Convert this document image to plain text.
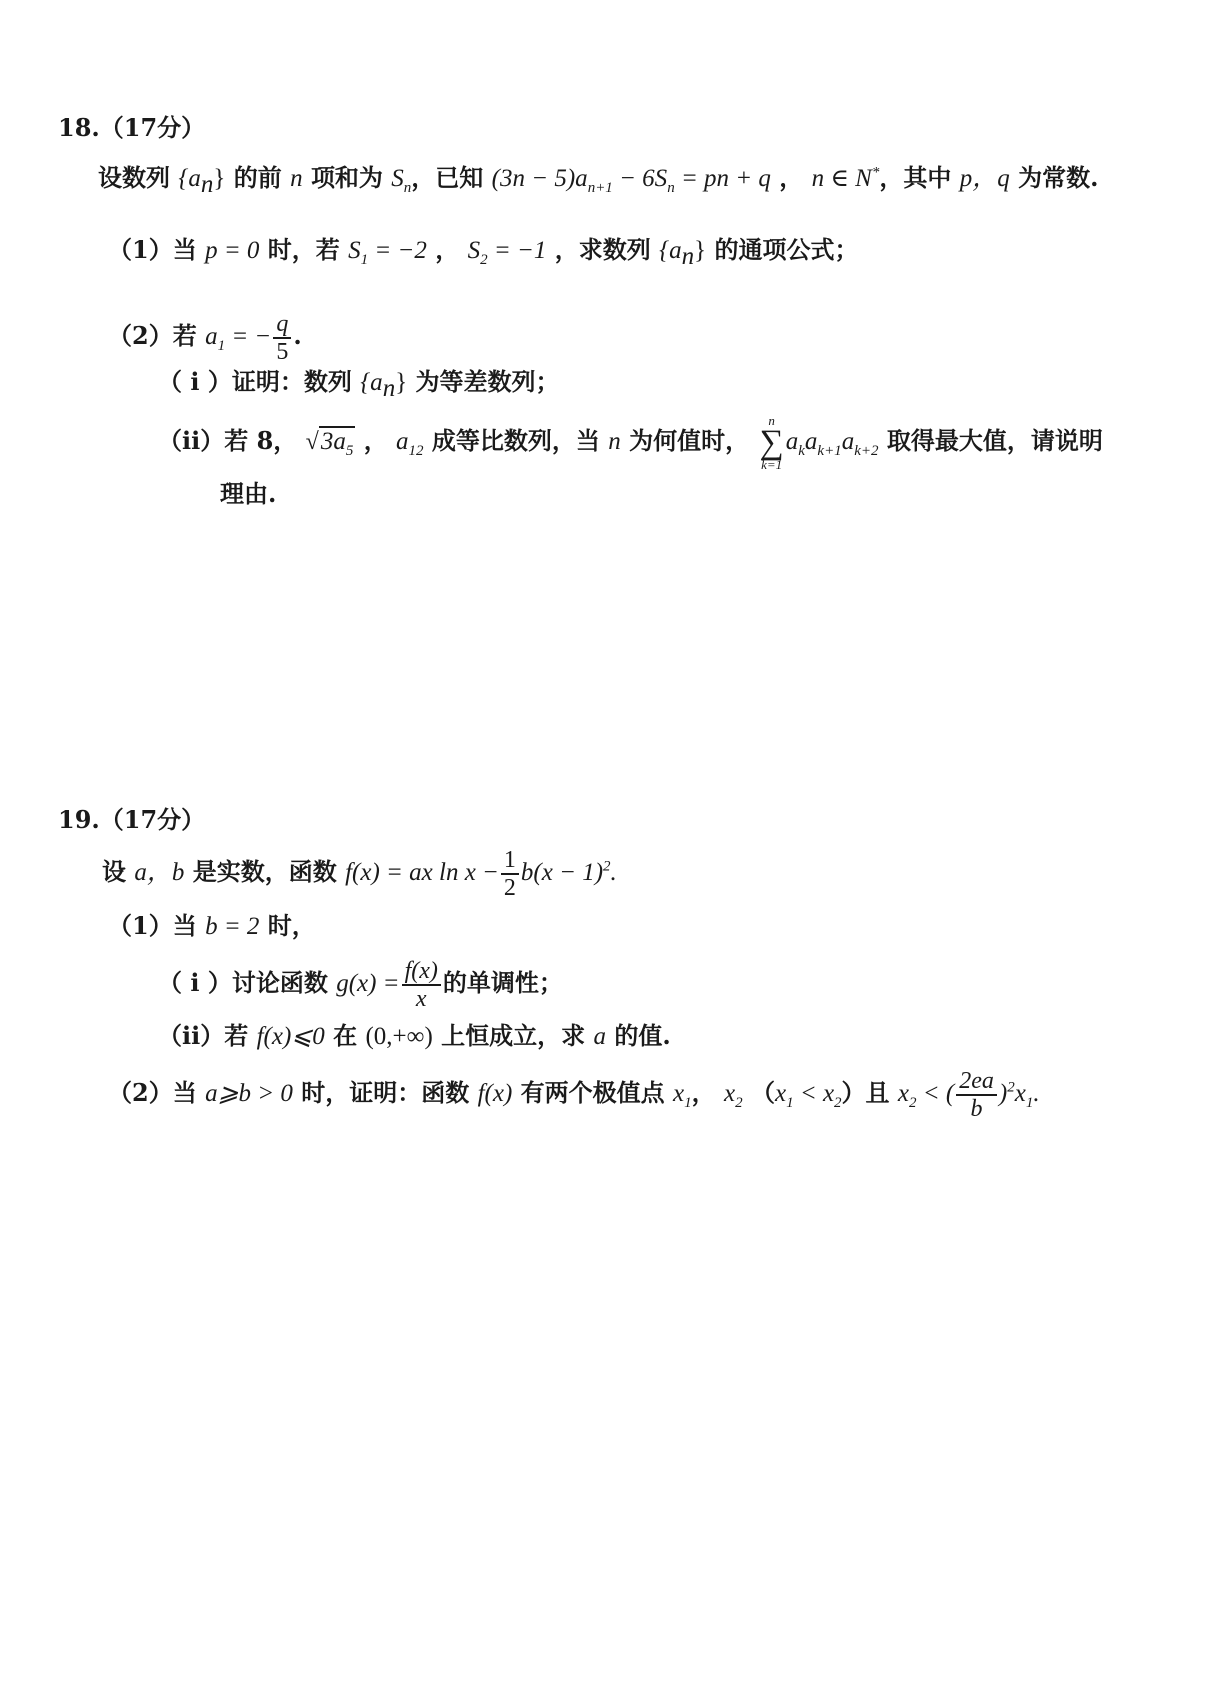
18.（17分）
设数列 $\{a_n\}$ 的前 n 项和为 $S_n$，已知 $(3n - 5)a_{n+1} - 6S_n$ = pn + q ， n ∈ N*，其中 p，q 为常数.
（1）当 p = 0 时，若 $S_1 = -2$ ， $S_2 = -1$ ，求数列 $\{a_n\}$ 的通项公式；
（2）若 $a_1$ = − $\frac{q}{5}$ .
（ i ）证明：数列 $\{a_n\}$ 为等差数列；
（ii）若 8， $√3a_5$ ， $a_{12}$ 成等比数列，当 n 为何值时，
n
∑
k=1
$a_ka_{k+1}a_{k+2}$ 取得最大值，请说明
理由.
19.（17分）
设 a，b 是实数，函数 f(x) = ax $\ln x - \frac{1}{2} b(x - 1)^2$.
（1）当 b = 2 时，
（ i ）讨论函数 $g(x) = \frac{f(x)}{x}$ 的单调性；
（ii）若 f(x)⩽0 在 (0,+∞) 上恒成立，求 a 的值.
（2）当 a⩾b > 0 时，证明：函数 f(x) 有两个极值点 $x_1$， $x_2$ $(x_1 < x_2)$且 $x_2$ < ( $\frac{2ea}{b} )^2x_1$.
